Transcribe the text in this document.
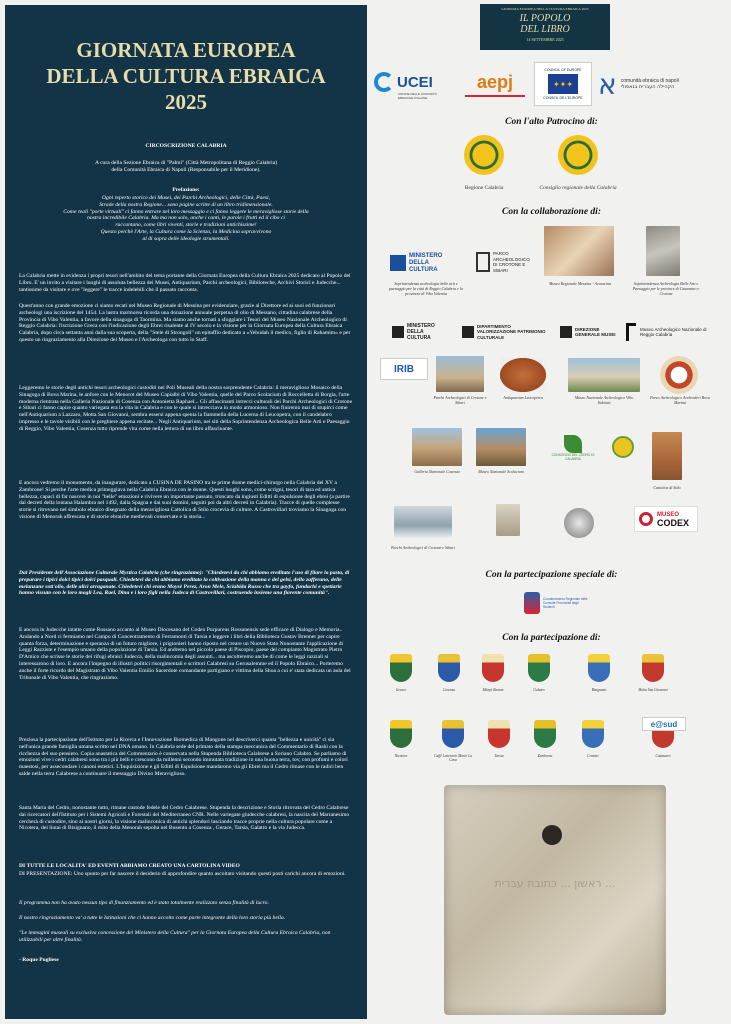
GIORNATA EUROPEA
DELLA CULTURA EBRAICA
2025
CIRCOSCRIZIONE CALABRIA
A cura della Sezione Ebraica di "Palmi" (Città Metropolitana di Reggio Calabria)
della Comunità Ebraica di Napoli (Responsabile per il Meridione).
Prefazione:
Ogni reperto storico dei Musei, dei Parchi Archeologici, delle Città, Paesi,
Strade della nostra Regione... sono pagine scritte di un libro tridimensionale.
Come reali "porte virtuali" ci fanno entrare nel loro messaggio e ci fanno leggere le meravigliose storie della
nostra incredibile Calabria. Ma ma non solo, anche i canti, le parole i frutti ed il cibo ci
raccontano, come libri viventi, storie e tradizioni antichissime!
Questo perchè l'Arte, la Cultura come la Scienza, la Medicina sopravvivono
al di sopra delle ideologie strumentali.
La Calabria mette in evidenza i propri tesori nell'ambito del tema portante della Giornata Europea della Cultura Ebraica 2025 dedicato al Popolo del Libro. E' un invito a visitare i luoghi di assoluta bellezza dei Musei, Antiquarium, Parchi archeologici, Biblioteche, Archivi Storici e Judecche... tantissime da visitare e ove "leggere" le tracce indelebili che il passato racconta.
Quest'anno con grande emozione ci siamo recati nel Museo Regionale di Messina per evidenziare, grazie al Direttore ed ai suoi ed funzionari archeologi una iscrizione del 1454. La lastra marmorea ricorda una donazione annuale perpetua di olio di Messano, cittadina calabrese della Provincia di Vibo Valentia, a favore della sinagoga di Taormina. Ma siamo anche tornati a sfoggiare i Tesori del Museo Nazionale Archeologico di Reggio Calabria: l'iscrizione Greca con l'indicazione degli Ebrei risalente al IV secolo e la visione per la Giornata Europea della Cultura Ebraica Calabria, dopo circa settanta anni dalla sua scoperta, della "Stele di Strongoli" un epitaffio dedicato a «Yehudah il medico, figlio di Rahamim» e per questo un ringraziamento alla Direzione del Museo e l'Archeologa con tutto lo Staff.
Leggeremo le storie degli antichi tesori archeologici custoditi nei Poli Museali della nostra sorprendente Calabria: il meraviglioso Mosaico della Sinagoga di Bova Marina, le anfore con le Menorot del Museo Capialbi di Vibo Valentia, quelle del Parco Scolacium di Roccelletta di Borgia, l'arte moderna rientrata nella Galleria Nazionale di Cosenza con Antonietta Raphael... Gli affascinanti intrecci culturali dei Parchi Archeologici di Crotone e Sibari ci fanno capire quanto variegata era la vita in Calabria e con le quale si intrecciava in modo armonioso. Non finiremo mai di stupirci come nell'Antiquarium a Lazzaro, Motta San Giovanni, sembra essersi appena spenta la fiammella della Lucerna di Leucopetra, con il candelabro impresso e le tavole visibili con le preghiere appena recitate... Negli Antiquarium, nei siti della Soprintendenza Archeologica Belle Arti e Paesaggio di Reggio, Vibo Valentia, Cosenza tutto riprende vita come nella lettura di un libro affascinante.
E ancora vedremo il monumento, da inaugurare, dedicato a CUSINA DE PASINO tra le prime donne medici-chirurgo nella Calabria del XV a Zambrone! Si perche l'arte medica primeggiava nella Calabria Ebraica con le donne. Questi luoghi sono, come scrigni, tesori di tara ed antica bellezza, capaci di far nascere in noi "belle" emozioni e rivivere un importante passato, troncato da ingiusti Editti di espulsione degli ebrei (a partire dai decreti della lontana Halambra nel 1492, dalla Spagna e dai suoi domini, seguiti poi da altri decreti in Calabria). Tracce di quelle complesse storie si ritrovano nel simbolo ebraico disegnato della meravigliosa Cattolica di Stilo crocevia di culture. A Castrovillari troviamo la Sinagoga con visione di Menorah affrescata e di storie ebraiche medievali conservate e la storia...
Dal Presidente dell'Associazione Culturale Mystica Calabria (che ringraziamo): "Chiedetevi da chi abbiamo ereditato l'uso di filare la pasta, di preparare i tipici dolci tipici dolci pasquali. Chiedetevi da chi abbiamo ereditato la coltivazione della manna e del gelsi, dello zafferano, delle melanzane sott'olio, delle alici arraganate. Chiedetevi chi erano Moysè Perez, Aron Mele, Sciabida Russo che tra gayfo, fundachi e spetiarie hanno vissuto con le loro mogli Lea, Rael, Dina e i loro figli nella Judeca di Castrovillari, costruendo insieme una fiorente comunità".
E ancora in Judecche intatte come Rossano accanto al Museo Diocesano del Codex Purpureus Rossanensis sede efficace di Dialogo e Memoria.. Andando a Nord ci fermiamo nel Campo di Concentramento di Ferramonti di Tarsia e leggere i libri della Biblioteca Gustav Brenner per capire quanta forza, determinazione e speranza di un futuro migliore, i prigionieri hanno riposto nel creare un Nuovo Stato Nonostante l'applicazione di Leggi Razziste e l'esempio umano della popolazione di Tarsia. Ed andremo nel piccolo paese di Piscopio, paese del compianto Magistrato Pietro D'Amico che scrisse le storie dei rifugi ebraici Judecca, della malincomia degli assunti... ma ascolteremo anche di come le leggi razziali si interessarono di loro. E ancora l'impegno di illustri politici risorgimentali e scrittori Calabresi su Gerusalemme ed il Popolo Ebraico... Porteremo anche il forte ricordo del Magistrato di Vibo Valentia Emilio Sacerdote comandante partigiano e vittima della Shoa a cui e' stata dedicata un aula del Tribunale di Vibo Valentia, che ringraziamo.
Preziosa la partecipazione dell'Istituto per la Ricerca e l'Innovazione Biomedica di Mangone nel descriverci quanta "bellezza e unicità" ci sia nell'unica grande famiglia umana scritto nel DNA umano. In Calabria sede del primato della stampa meccanica del Commentario di Rashì con la ricchezza del suo pensiero. Copia anastatica del Commentario è conservata nella Stupenda Biblioteca Calabrese a Soriano Calabro. Se parliamo di emozioni vive i cedri calabresi sono tra i più belli e crescono da millenni secondo immutata tradizione in una buona terra, tov, con profumi e colori maestosi, per assecondare i canoni estetici. L'Inquisizione e gli Editti di Espulsione mandarono via gli Ebrei ma il Cedro rimase con le radici ben salde nella terra Calabrese a continuare il messaggio Divino Meraviglioso.
Santa Maria del Cedro, nonostante tutto, rimane custode fedele del Cedro Calabrese. Stupenda la descrizione e Storia ritrovata del Cedro Calabrese dai ricercatori dell'Istituto per i Sistemi Agricoli e Forestali del Mediterraneo CNR. Nelle variegate giudecche calabresi, la nascita del Marranesimo cercherà di custodire, sino ai nostri giorni, la visione malinconica di antichi splendori lasciando tracce proprie nella cultura popolare come a Nicotera, dei liutai di Bisignano, il mito della Menorah sepolta nel Busento a Cosenza , Gerace, Tarsia, Galatro e la via Judecca.
DI TUTTE LE LOCALITA' ED EVENTI ABBIAMO CREATO UNA CARTOLINA VIDEO
DI PRESENTAZIONE: Uno spunto per far nascere il desiderio di approfondire quanto ascoltato visitando questi posti carichi ancora di emozioni.
Il programma non ha avuto nessun tipo di finanziamento ed è stato totalmente realizzato senza finalità di lucro.
Il nostro ringraziamento va' a tutte le Istituzioni che ci hanno accolto come parte integrante della loro storia più bella.
"Le immagini museali su esclusiva concessione del Ministero della Cultura" per la Giornata Europea della Cultura Ebraica Calabria, non utilizzabili per altre finalità.
- Roque Pugliese
GIORNATA EUROPEA DELLA CULTURA EBRAICA 2025
IL POPOLO
DEL LIBRO
14 SETTEMBRE 2025
UCEI
UNIONE DELLE COMUNITÀ EBRAICHE ITALIANE
aepj
COUNCIL OF EUROPE
✦✦✦
CONSEIL DE L'EUROPE א comunità ebraica di napoli
הקהילה העברית בנאפולי
Con l'alto Patrocino di:
Regione Calabria	Consiglio regionale della Calabria
Con la collaborazione di:
MINISTERO DELLA CULTURA
Soprintendenza archeologia belle arti e paesaggio per la città di Reggio Calabria e la provincia di Vibo Valentia
PARCO ARCHEOLOGICO DI CROTONE E SIBARI
Museo Regionale Messina - Accascina	Soprintendenza Archeologia Belle Arti e Paesaggio per le province di Catanzaro e Crotone
MINISTERO DELLA CULTURA
DIPARTIMENTO VALORIZZAZIONE PATRIMONIO CULTURALE
DIREZIONE GENERALE MUSEI
Museo Archeologico Nazionale di Reggio Calabria
IRIB
Parchi Archeologici di Crotone e Sibari
Antiquarium Leucopetra	Museo Nazionale Archeologico Vibo Valentia
Parco Archeologico Archeoderi Bova Marina
Galleria Nazionale Cosenza	Museo Nazionale Scolacium
CONSORZIO DEL CEDRO DI CALABRIA
Cattolica di Stilo
Parchi Archeologici di Crotone e Sibari
MUSEO
CODEX
Con la partecipazione speciale di:
Coordinamento Regionale delle Consulte Provinciali degli Studenti
Con la partecipazione di:
Gerace	Cosenza	Mitzpè Ramon	Galatro	Bisignano	Motta San Giovanni
Nicotera	Caffè Letterario Mario La Cava
Tarsia	Zambrone	Crotone	Catanzaro
e@sud
ראשון ... כתובת עברית ...
